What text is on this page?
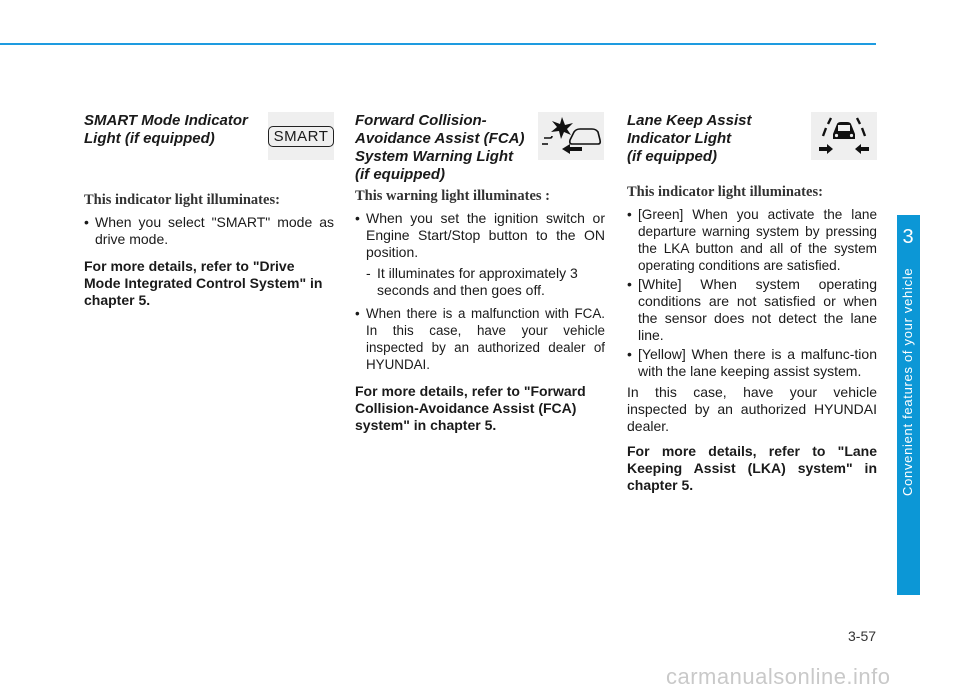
SMART

SMART Mode Indicator
Light (if equipped)

This indicator light illuminates:

• When you select "SMART" mode as drive mode.

For more details, refer to "Drive Mode Integrated Control System" in chapter 5.

Forward Collision-
Avoidance Assist (FCA)
System Warning Light
(if equipped)

This warning light illuminates :

• When you set the ignition switch or Engine Start/Stop button to the ON position.
- It illuminates for approximately 3 seconds and then goes off.
• When there is a malfunction with FCA. In this case, have your vehicle inspected by an authorized dealer of HYUNDAI.

For more details, refer to "Forward Collision-Avoidance Assist (FCA) system" in chapter 5.

Lane Keep Assist
Indicator Light
(if equipped)

This indicator light illuminates:

• [Green] When you activate the lane departure warning system by pressing the LKA button and all of the system operating conditions are satisfied.
• [White] When system operating conditions are not satisfied or when the sensor does not detect the lane line.
• [Yellow] When there is a malfunc-tion with the lane keeping assist system.

In this case, have your vehicle inspected by an authorized HYUNDAI dealer.

For more details, refer to "Lane Keeping Assist (LKA) system" in chapter 5.

3
Convenient features of your vehicle
3-57
carmanualsonline.info
